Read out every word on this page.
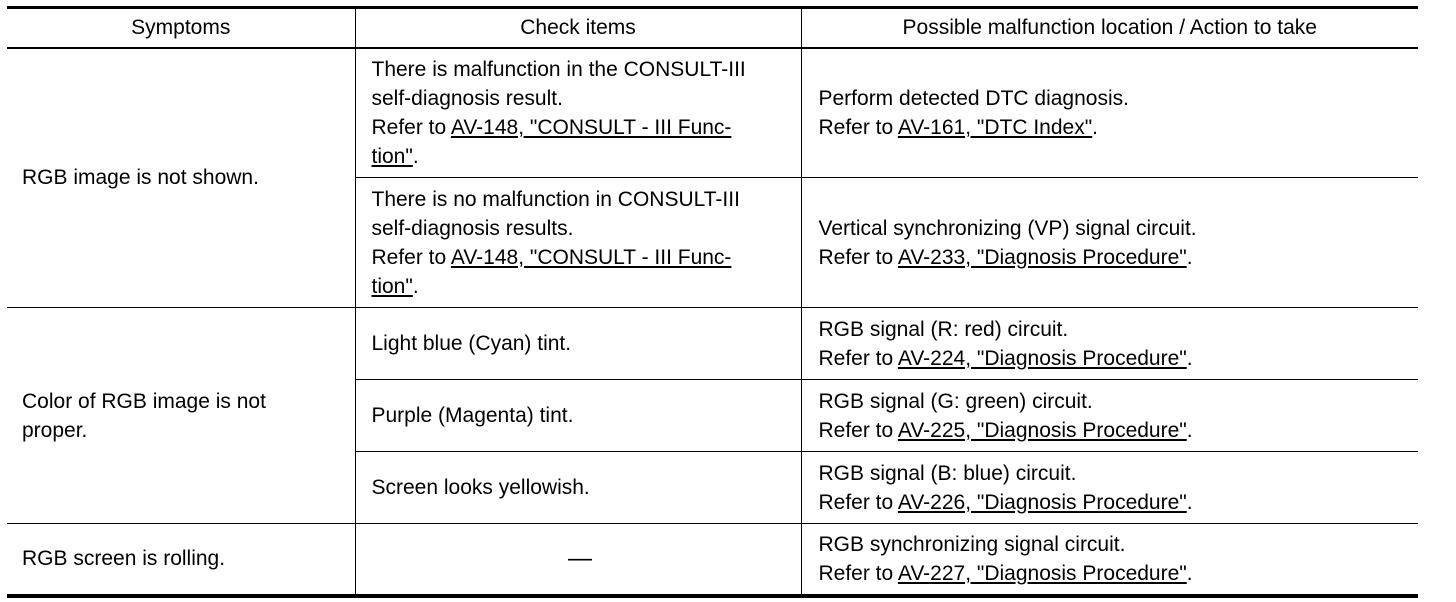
Symptoms	Check items	Possible malfunction location / Action to take
RGB image is not shown.	There is malfunction in the CONSULT-III
self-diagnosis result.
Refer to AV-148, "CONSULT - III Func-
tion".	Perform detected DTC diagnosis.
Refer to AV-161, "DTC Index".

	There is no malfunction in CONSULT-III
self-diagnosis results.
Refer to AV-148, "CONSULT - III Func-
tion".	Vertical synchronizing (VP) signal circuit.
Refer to AV-233, "Diagnosis Procedure".

Color of RGB image is not
proper.	Light blue (Cyan) tint.	RGB signal (R: red) circuit.
Refer to AV-224, "Diagnosis Procedure".

	Purple (Magenta) tint.	RGB signal (G: green) circuit.
Refer to AV-225, "Diagnosis Procedure".

	Screen looks yellowish.	RGB signal (B: blue) circuit.
Refer to AV-226, "Diagnosis Procedure".

RGB screen is rolling.	—	RGB synchronizing signal circuit.
Refer to AV-227, "Diagnosis Procedure".
